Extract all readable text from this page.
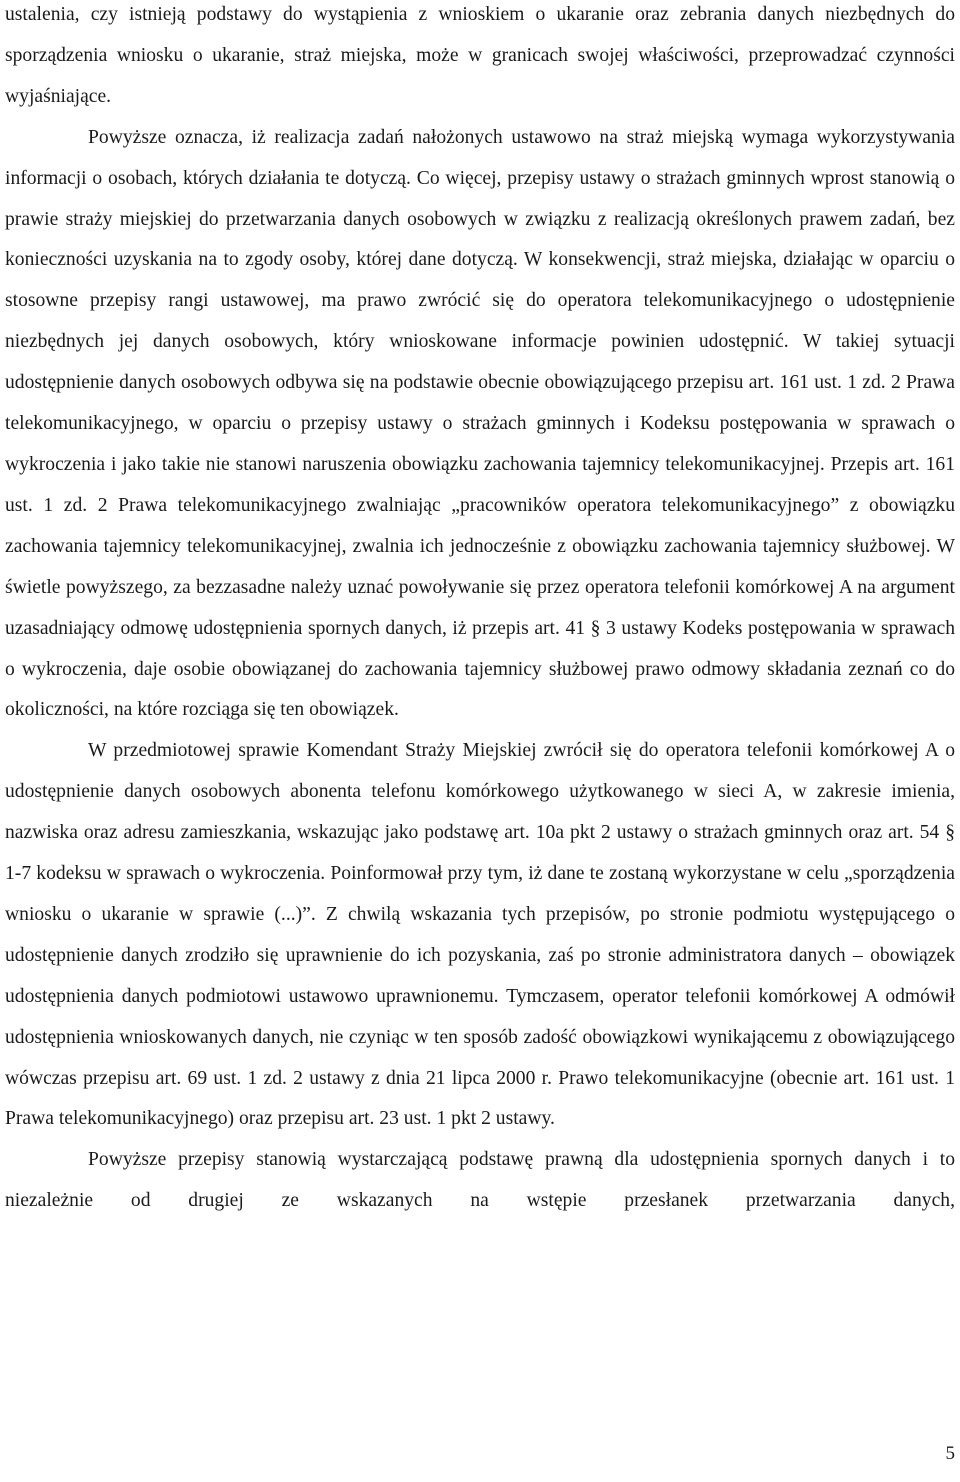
ustalenia, czy istnieją podstawy do wystąpienia z wnioskiem o ukaranie oraz zebrania danych niezbędnych do sporządzenia wniosku o ukaranie, straż miejska, może w granicach swojej właściwości, przeprowadzać czynności wyjaśniające.

Powyższe oznacza, iż realizacja zadań nałożonych ustawowo na straż miejską wymaga wykorzystywania informacji o osobach, których działania te dotyczą. Co więcej, przepisy ustawy o strażach gminnych wprost stanowią o prawie straży miejskiej do przetwarzania danych osobowych w związku z realizacją określonych prawem zadań, bez konieczności uzyskania na to zgody osoby, której dane dotyczą. W konsekwencji, straż miejska, działając w oparciu o stosowne przepisy rangi ustawowej, ma prawo zwrócić się do operatora telekomunikacyjnego o udostępnienie niezbędnych jej danych osobowych, który wnioskowane informacje powinien udostępnić. W takiej sytuacji udostępnienie danych osobowych odbywa się na podstawie obecnie obowiązującego przepisu art. 161 ust. 1 zd. 2 Prawa telekomunikacyjnego, w oparciu o przepisy ustawy o strażach gminnych i Kodeksu postępowania w sprawach o wykroczenia i jako takie nie stanowi naruszenia obowiązku zachowania tajemnicy telekomunikacyjnej. Przepis art. 161 ust. 1 zd. 2 Prawa telekomunikacyjnego zwalniając „pracowników operatora telekomunikacyjnego” z obowiązku zachowania tajemnicy telekomunikacyjnej, zwalnia ich jednocześnie z obowiązku zachowania tajemnicy służbowej. W świetle powyższego, za bezzasadne należy uznać powoływanie się przez operatora telefonii komórkowej A na argument uzasadniający odmowę udostępnienia spornych danych, iż przepis art. 41 § 3 ustawy Kodeks postępowania w sprawach o wykroczenia, daje osobie obowiązanej do zachowania tajemnicy służbowej prawo odmowy składania zeznań co do okoliczności, na które rozciąga się ten obowiązek.

W przedmiotowej sprawie Komendant Straży Miejskiej zwrócił się do operatora telefonii komórkowej A o udostępnienie danych osobowych abonenta telefonu komórkowego użytkowanego w sieci A, w zakresie imienia, nazwiska oraz adresu zamieszkania, wskazując jako podstawę art. 10a pkt 2 ustawy o strażach gminnych oraz art. 54 § 1-7 kodeksu w sprawach o wykroczenia. Poinformował przy tym, iż dane te zostaną wykorzystane w celu „sporządzenia wniosku o ukaranie w sprawie (...)”. Z chwilą wskazania tych przepisów, po stronie podmiotu występującego o udostępnienie danych zrodziło się uprawnienie do ich pozyskania, zaś po stronie administratora danych – obowiązek udostępnienia danych podmiotowi ustawowo uprawnionemu. Tymczasem, operator telefonii komórkowej A odmówił udostępnienia wnioskowanych danych, nie czyniąc w ten sposób zadość obowiązkowi wynikającemu z obowiązującego wówczas przepisu art. 69 ust. 1 zd. 2 ustawy z dnia 21 lipca 2000 r. Prawo telekomunikacyjne (obecnie art. 161 ust. 1 Prawa telekomunikacyjnego) oraz przepisu art. 23 ust. 1 pkt 2 ustawy.

Powyższe przepisy stanowią wystarczającą podstawę prawną dla udostępnienia spornych danych i to niezależnie od drugiej ze wskazanych na wstępie przesłanek przetwarzania danych,

5
